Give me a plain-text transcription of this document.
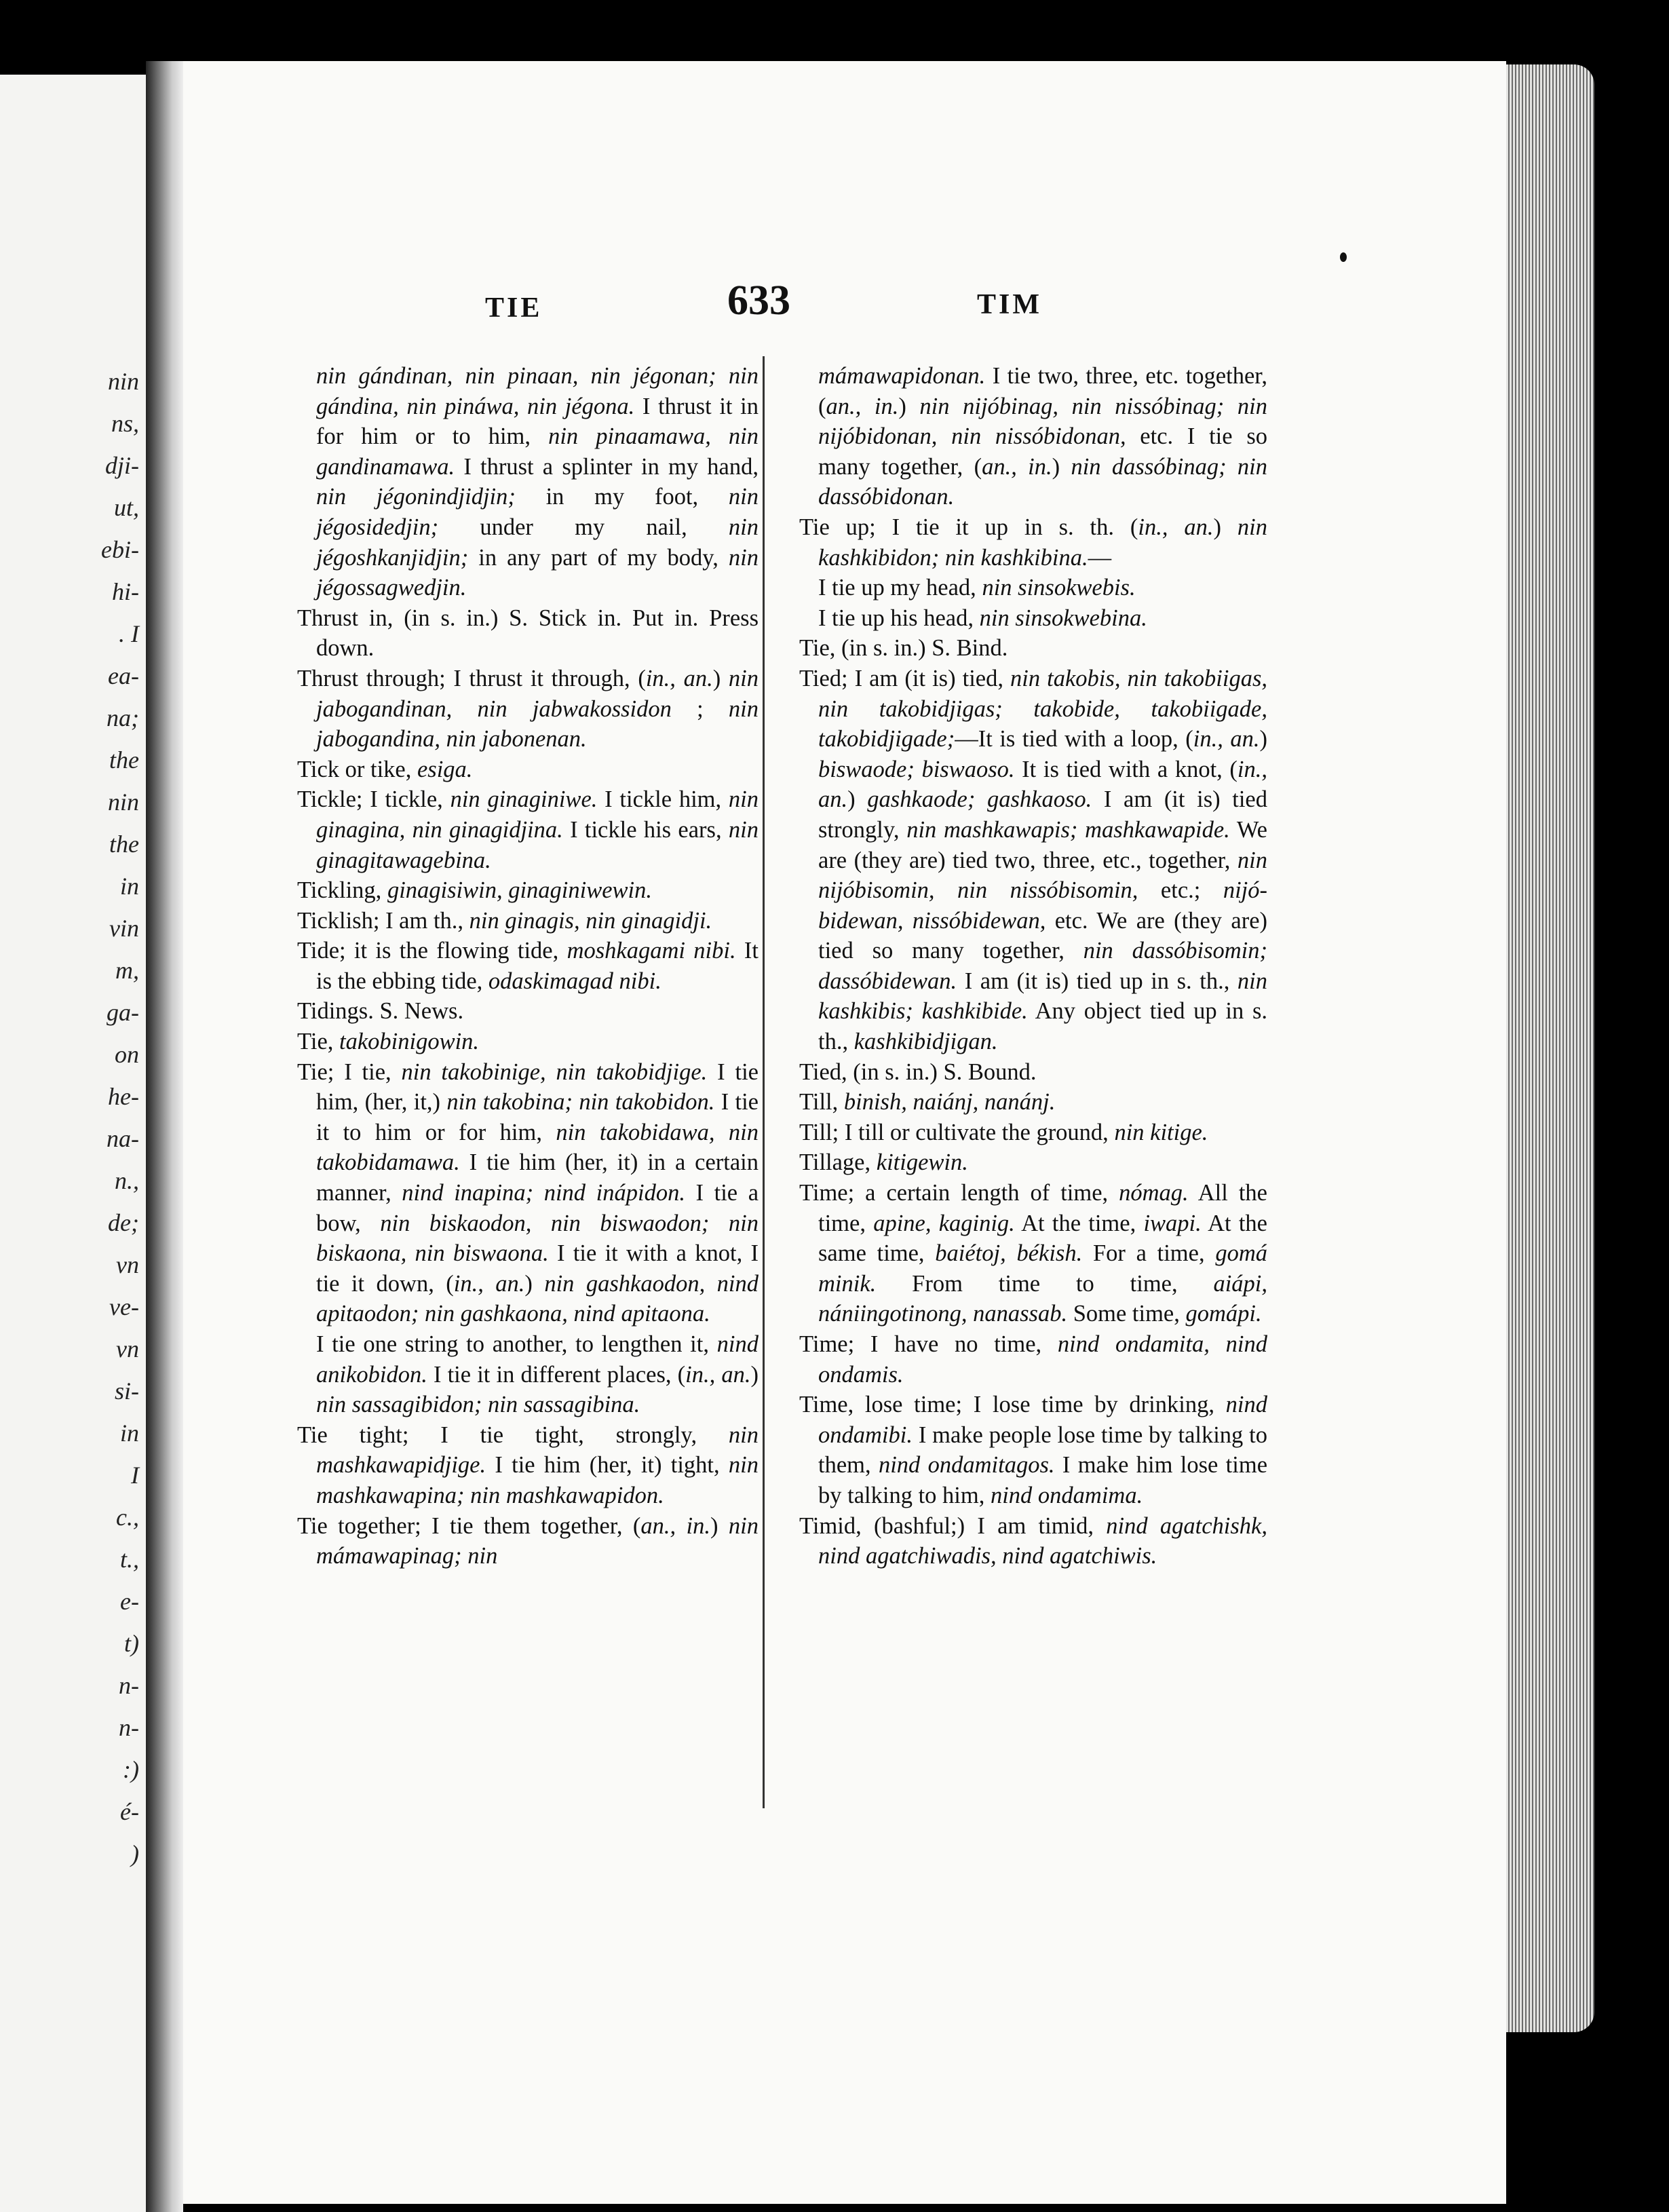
nin
ns,
dji-
ut,
ebi-
hi-
. I
ea-
na;
the
nin
the
in
vin
m,
ga-
on
he-
na-
n.,
de;
vn
ve-
vn
si-
in
I
c.,
t.,
e-
t)
n-
n-
:)
é-
)
TIE	633	TIM

nin gándinan, nin pinaan, nin jégonan; nin gándina, nin pináwa, nin jégona. I thrust it in for him or to him, nin pinaamawa, nin gandinamawa. I thrust a splinter in my hand, nin jégonindjidjin; in my foot, nin jégosidedjin; under my nail, nin jégoshkanjidjin; in any part of my body, nin jégossagwedjin.

Thrust in, (in s. in.) S. Stick in. Put in. Press down.

Thrust through; I thrust it through, (in., an.) nin jabogandinan, nin jabwakossidon ; nin jabogandina, nin jabonenan.

Tick or tike, esiga.

Tickle; I tickle, nin ginaginiwe. I tickle him, nin ginagina, nin ginagidjina. I tickle his ears, nin ginagitawagebina.

Tickling, ginagisiwin, ginaginiwewin.

Ticklish; I am th., nin ginagis, nin ginagidji.

Tide; it is the flowing tide, moshkagami nibi. It is the ebbing tide, odaskimagad nibi.

Tidings. S. News.

Tie, takobinigowin.

Tie; I tie, nin takobinige, nin takobidjige. I tie him, (her, it,) nin takobina; nin takobidon. I tie it to him or for him, nin takobidawa, nin takobidamawa. I tie him (her, it) in a certain manner, nind inapina; nind inápidon. I tie a bow, nin biskaodon, nin biswaodon; nin biskaona, nin biswaona. I tie it with a knot, I tie it down, (in., an.) nin gashkaodon, nind apitaodon; nin gashkaona, nind apitaona.

I tie one string to another, to lengthen it, nind anikobidon. I tie it in different places, (in., an.) nin sassagibidon; nin sassagibina.

Tie tight; I tie tight, strongly, nin mashkawapidjige. I tie him (her, it) tight, nin mashkawapina; nin mashkawapidon.

Tie together; I tie them together, (an., in.) nin mámawapinag; nin

mámawapidonan. I tie two, three, etc. together, (an., in.) nin nijóbinag, nin nissóbinag; nin nijóbidonan, nin nissóbidonan, etc. I tie so many together, (an., in.) nin dassóbinag; nin dassóbidonan.

Tie up; I tie it up in s. th. (in., an.) nin kashkibidon; nin kashkibina.—

I tie up my head, nin sinsokwebis.

I tie up his head, nin sinsokwebina.

Tie, (in s. in.) S. Bind.

Tied; I am (it is) tied, nin takobis, nin takobiigas, nin takobidjigas; takobide, takobiigade, takobidjigade;—It is tied with a loop, (in., an.) biswaode; biswaoso. It is tied with a knot, (in., an.) gashkaode; gashkaoso. I am (it is) tied strongly, nin mashkawapis; mashkawapide. We are (they are) tied two, three, etc., together, nin nijóbisomin, nin nissóbisomin, etc.; nijóbidewan, nissóbidewan, etc. We are (they are) tied so many together, nin dassóbisomin; dassóbidewan. I am (it is) tied up in s. th., nin kashkibis; kashkibide. Any object tied up in s. th., kashkibidjigan.

Tied, (in s. in.) S. Bound.

Till, binish, naiánj, nanánj.

Till; I till or cultivate the ground, nin kitige.

Tillage, kitigewin.

Time; a certain length of time, nómag. All the time, apine, kaginig. At the time, iwapi. At the same time, baiétoj, békish. For a time, gomá minik. From time to time, aiápi, nániingotinong, nanassab. Some time, gomápi.

Time; I have no time, nind ondamita, nind ondamis.

Time, lose time; I lose time by drinking, nind ondamibi. I make people lose time by talking to them, nind ondamitagos. I make him lose time by talking to him, nind ondamima.

Timid, (bashful;) I am timid, nind agatchishk, nind agatchiwadis, nind agatchiwis.
